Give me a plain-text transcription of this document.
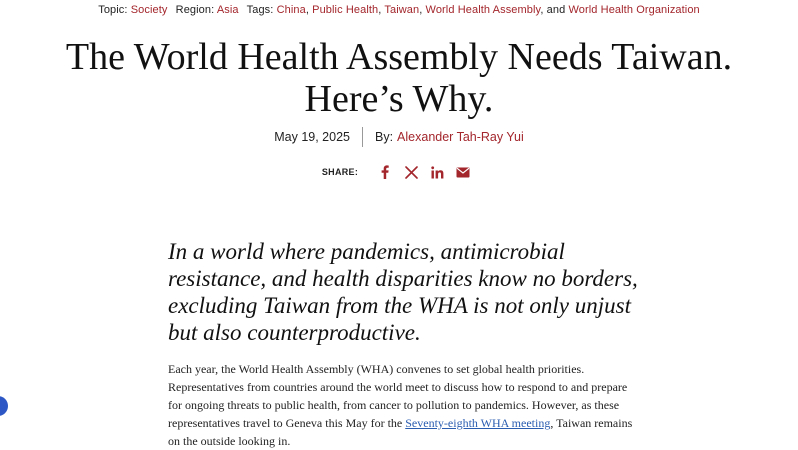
Topic: Society Region: Asia Tags: China, Public Health, Taiwan, World Health Assembly, and World Health Organization
The World Health Assembly Needs Taiwan. Here’s Why.
May 19, 2025	By: Alexander Tah-Ray Yui
SHARE:

In a world where pandemics, antimicrobial resistance, and health disparities know no borders, excluding Taiwan from the WHA is not only unjust but also counterproductive.

Each year, the World Health Assembly (WHA) convenes to set global health priorities. Representatives from countries around the world meet to discuss how to respond to and prepare for ongoing threats to public health, from cancer to pollution to pandemics. However, as these representatives travel to Geneva this May for the Seventy-eighth WHA meeting, Taiwan remains on the outside looking in.
